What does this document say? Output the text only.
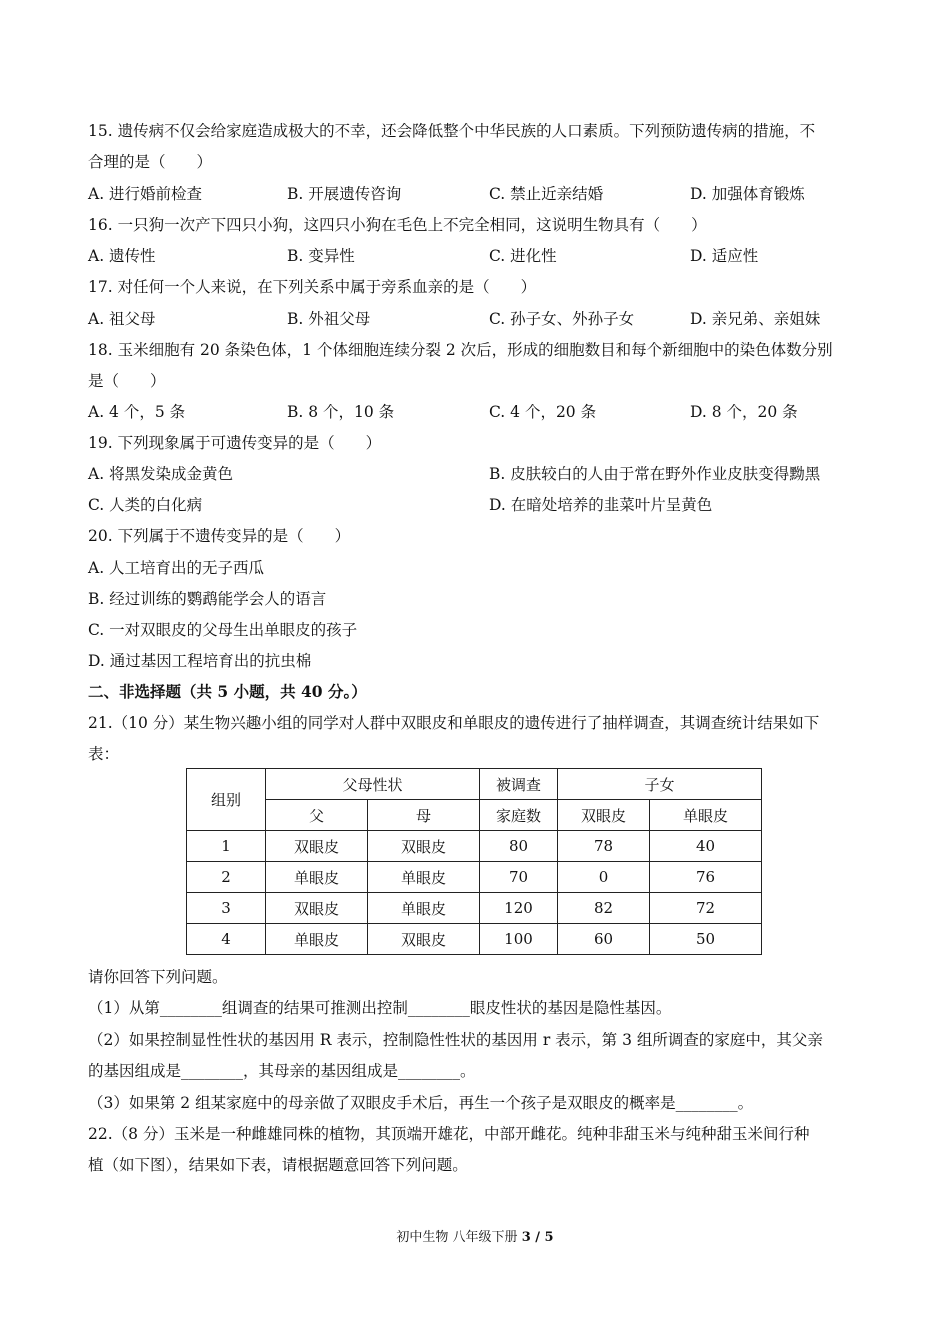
15. 遗传病不仅会给家庭造成极大的不幸，还会降低整个中华民族的人口素质。下列预防遗传病的措施，不
合理的是（　　）
A. 进行婚前检查	B. 开展遗传咨询	C. 禁止近亲结婚	D. 加强体育锻炼
16. 一只狗一次产下四只小狗，这四只小狗在毛色上不完全相同，这说明生物具有（　　）
A. 遗传性	B. 变异性	C. 进化性	D. 适应性
17. 对任何一个人来说，在下列关系中属于旁系血亲的是（　　）
A. 祖父母	B. 外祖父母	C. 孙子女、外孙子女	D. 亲兄弟、亲姐妹
18. 玉米细胞有 20 条染色体，1 个体细胞连续分裂 2 次后，形成的细胞数目和每个新细胞中的染色体数分别
是（　　）
A. 4 个，5 条	B. 8 个，10 条	C. 4 个，20 条	D. 8 个，20 条
19. 下列现象属于可遗传变异的是（　　）
A. 将黑发染成金黄色	B. 皮肤较白的人由于常在野外作业皮肤变得黝黑
C. 人类的白化病	D. 在暗处培养的韭菜叶片呈黄色
20. 下列属于不遗传变异的是（　　）
A. 人工培育出的无子西瓜
B. 经过训练的鹦鹉能学会人的语言
C. 一对双眼皮的父母生出单眼皮的孩子
D. 通过基因工程培育出的抗虫棉
二、非选择题（共 5 小题，共 40 分。）
21.（10 分）某生物兴趣小组的同学对人群中双眼皮和单眼皮的遗传进行了抽样调查，其调查统计结果如下
表：
组别	父母性状		被调查	子女	
	父	母	家庭数	双眼皮	单眼皮
1	双眼皮	双眼皮	80	78	40
2	单眼皮	单眼皮	70	0	76
3	双眼皮	单眼皮	120	82	72
4	单眼皮	双眼皮	100	60	50
请你回答下列问题。
（1）从第________组调查的结果可推测出控制________眼皮性状的基因是隐性基因。
（2）如果控制显性性状的基因用 R 表示，控制隐性性状的基因用 r 表示，第 3 组所调查的家庭中，其父亲
的基因组成是________，其母亲的基因组成是________。
（3）如果第 2 组某家庭中的母亲做了双眼皮手术后，再生一个孩子是双眼皮的概率是________。
22.（8 分）玉米是一种雌雄同株的植物，其顶端开雄花，中部开雌花。纯种非甜玉米与纯种甜玉米间行种
植（如下图），结果如下表，请根据题意回答下列问题。
初中生物 八年级下册 3 / 5
